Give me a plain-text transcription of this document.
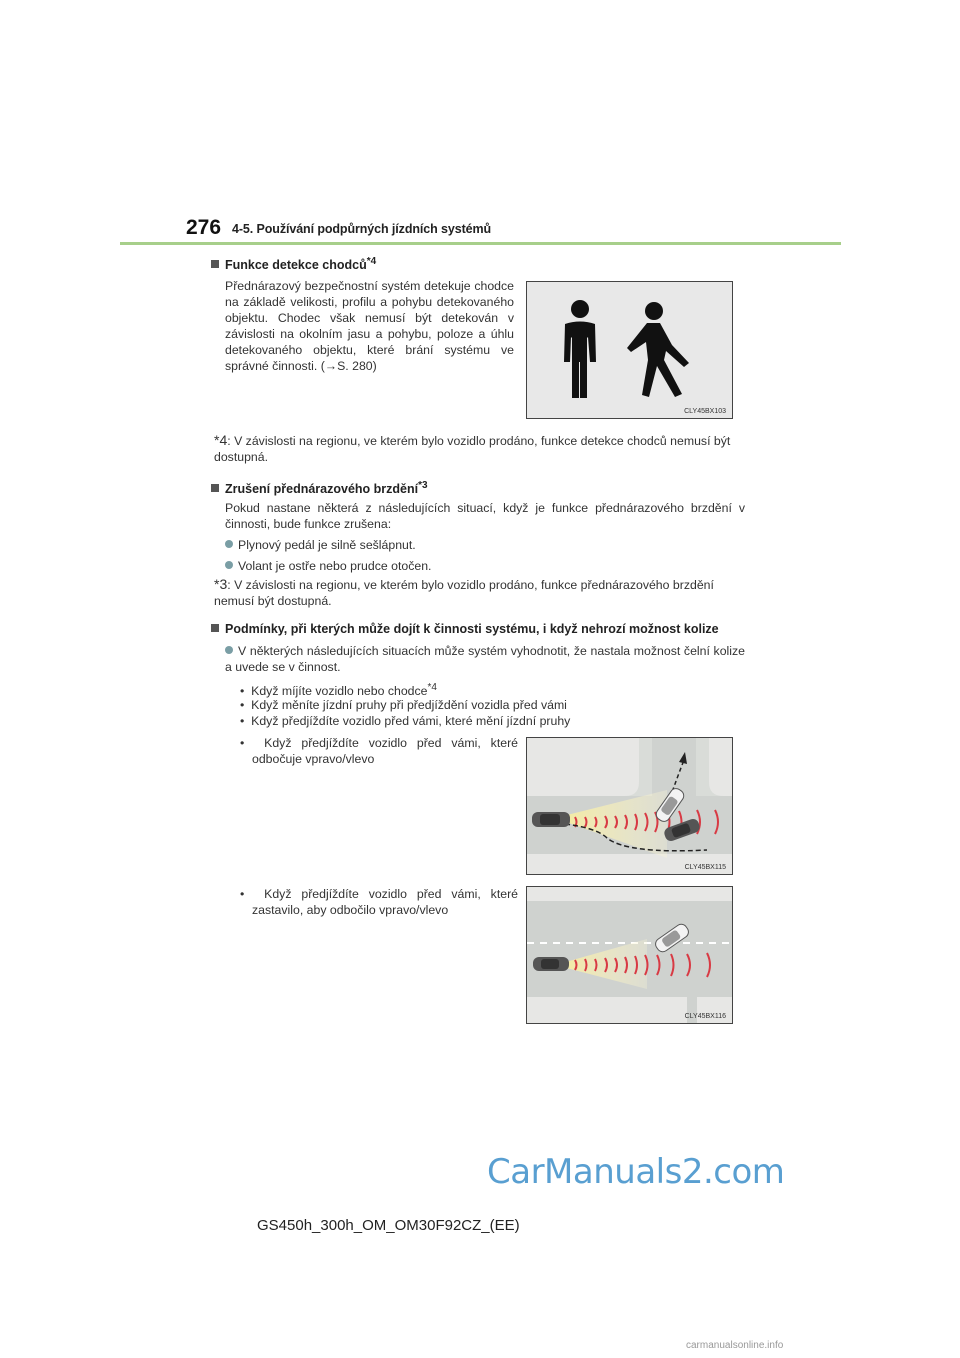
276 4-5. Používání podpůrných jízdních systémů
Funkce detekce chodců$^{*4}$
Přednárazový bezpečnostní systém detekuje chodce na základě velikosti, profilu a pohybu detekovaného objektu. Chodec však nemusí být detekován v závislosti na okolním jasu a pohybu, poloze a úhlu detekovaného objektu, které brání systému ve správné činnosti. (→S. 280)
CLY45BX103
*4: V závislosti na regionu, ve kterém bylo vozidlo prodáno, funkce detekce chodců nemusí být dostupná.
Zrušení přednárazového brzdění$^{*3}$
Pokud nastane některá z následujících situací, když je funkce přednárazového brzdění v činnosti, bude funkce zrušena:
Plynový pedál je silně sešlápnut.
Volant je ostře nebo prudce otočen.
*3: V závislosti na regionu, ve kterém bylo vozidlo prodáno, funkce přednárazového brzdění nemusí být dostupná.
Podmínky, při kterých může dojít k činnosti systému, i když nehrozí možnost kolize
V některých následujících situacích může systém vyhodnotit, že nastala možnost čelní kolize a uvede se v činnost.
•  Když míjíte vozidlo nebo chodce$^{*4}$
•  Když měníte jízdní pruhy při předjíždění vozidla před vámi
•  Když předjíždíte vozidlo před vámi, které mění jízdní pruhy
•  Když předjíždíte vozidlo před vámi, které odbočuje vpravo/vlevo
•  Když předjíždíte vozidlo před vámi, které zastavilo, aby odbočilo vpravo/vlevo
CLY45BX115
CLY45BX116
CarManuals2.com
GS450h_300h_OM_OM30F92CZ_(EE)
carmanualsonline.info
